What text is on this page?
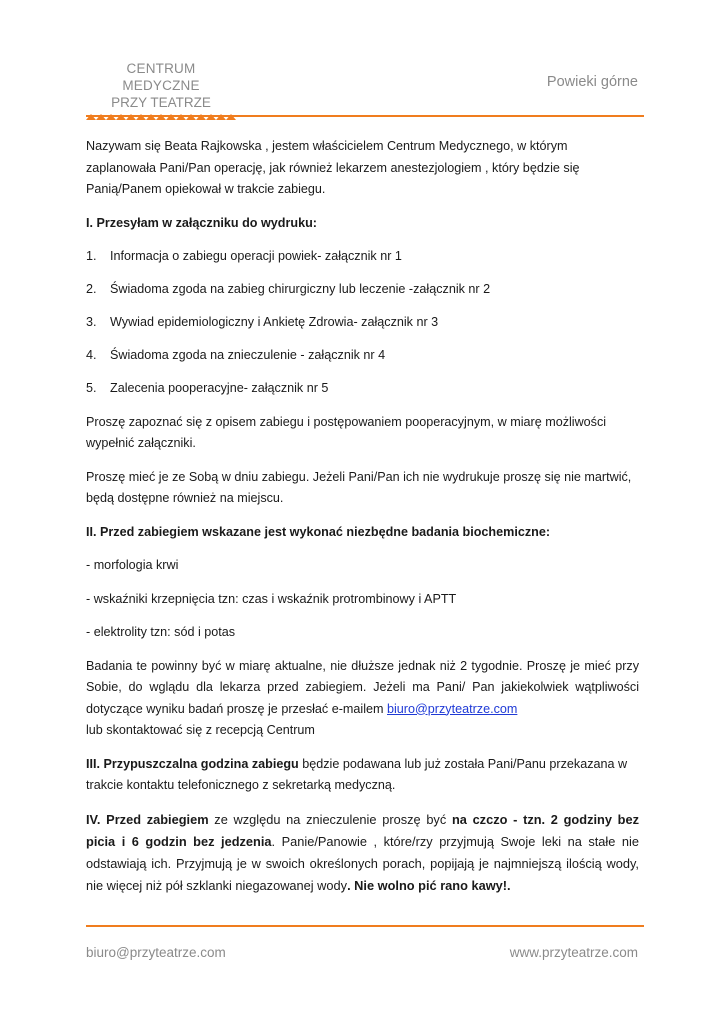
CENTRUM MEDYCZNE
PRZY TEATRZE
Powieki górne

Nazywam się Beata Rajkowska , jestem właścicielem Centrum Medycznego, w którym zaplanowała Pani/Pan operację, jak również lekarzem anestezjologiem , który będzie się Panią/Panem opiekował w trakcie zabiegu.

I. Przesyłam w załączniku do wydruku:

1.	Informacja o zabiegu operacji powiek- załącznik nr 1
2.	Świadoma zgoda na zabieg chirurgiczny lub leczenie -załącznik nr 2
3.	Wywiad epidemiologiczny i Ankietę Zdrowia- załącznik nr 3
4.	Świadoma zgoda na znieczulenie - załącznik nr 4
5.	Zalecenia pooperacyjne- załącznik nr 5

Proszę zapoznać się z opisem zabiegu i postępowaniem pooperacyjnym, w miarę możliwości wypełnić załączniki.

Proszę mieć je ze Sobą w dniu zabiegu. Jeżeli Pani/Pan ich nie wydrukuje proszę się nie martwić, będą dostępne również na miejscu.

II. Przed zabiegiem wskazane jest wykonać niezbędne badania biochemiczne:

- morfologia krwi

- wskaźniki krzepnięcia tzn: czas i wskaźnik protrombinowy i APTT

- elektrolity tzn: sód i potas

Badania te powinny być w miarę aktualne, nie dłuższe jednak niż 2 tygodnie. Proszę je mieć przy Sobie, do wglądu dla lekarza przed zabiegiem. Jeżeli ma Pani/ Pan jakiekolwiek wątpliwości dotyczące wyniku badań proszę je przesłać e-mailem biuro@przyteatrze.com
lub skontaktować się z recepcją Centrum

III. Przypuszczalna godzina zabiegu będzie podawana lub już została Pani/Panu przekazana w trakcie kontaktu telefonicznego z sekretarką medyczną.

IV. Przed zabiegiem ze względu na znieczulenie proszę być na czczo - tzn. 2 godziny bez picia i 6 godzin bez jedzenia. Panie/Panowie , które/rzy przyjmują Swoje leki na stałe nie odstawiają ich. Przyjmują je w swoich określonych porach, popijają je najmniejszą ilością wody, nie więcej niż pół szklanki niegazowanej wody. Nie wolno pić rano kawy!.

biuro@przyteatrze.com	www.przyteatrze.com
